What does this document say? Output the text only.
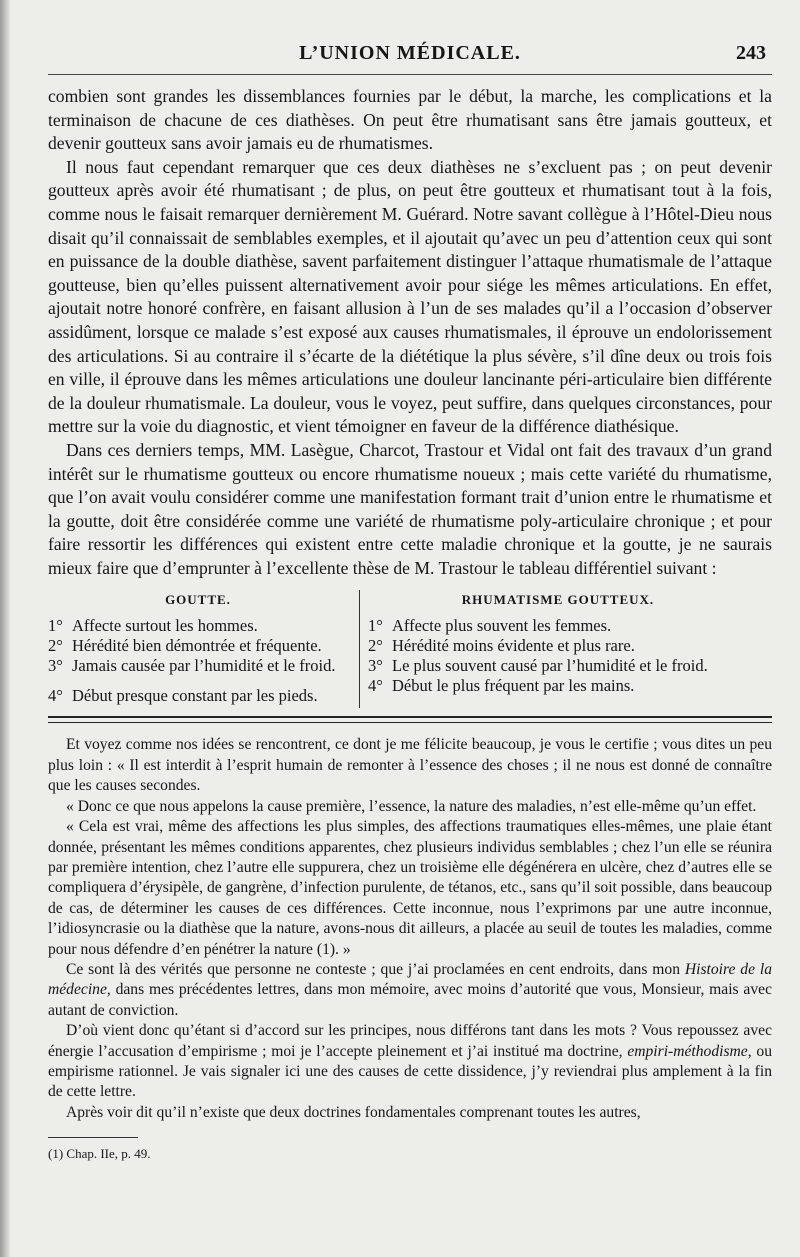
L’UNION MÉDICALE.	243

combien sont grandes les dissemblances fournies par le début, la marche, les complications et la terminaison de chacune de ces diathèses. On peut être rhumatisant sans être jamais goutteux, et devenir goutteux sans avoir jamais eu de rhumatismes.

Il nous faut cependant remarquer que ces deux diathèses ne s’excluent pas ; on peut devenir goutteux après avoir été rhumatisant ; de plus, on peut être goutteux et rhumatisant tout à la fois, comme nous le faisait remarquer dernièrement M. Guérard. Notre savant collègue à l’Hôtel-Dieu nous disait qu’il connaissait de semblables exemples, et il ajoutait qu’avec un peu d’attention ceux qui sont en puissance de la double diathèse, savent parfaitement distinguer l’attaque rhumatismale de l’attaque goutteuse, bien qu’elles puissent alternativement avoir pour siége les mêmes articulations. En effet, ajoutait notre honoré confrère, en faisant allusion à l’un de ses malades qu’il a l’occasion d’observer assidûment, lorsque ce malade s’est exposé aux causes rhumatismales, il éprouve un endolorissement des articulations. Si au contraire il s’écarte de la diététique la plus sévère, s’il dîne deux ou trois fois en ville, il éprouve dans les mêmes articulations une douleur lancinante péri-articulaire bien différente de la douleur rhumatismale. La douleur, vous le voyez, peut suffire, dans quelques circonstances, pour mettre sur la voie du diagnostic, et vient témoigner en faveur de la différence diathésique.

Dans ces derniers temps, MM. Lasègue, Charcot, Trastour et Vidal ont fait des travaux d’un grand intérêt sur le rhumatisme goutteux ou encore rhumatisme noueux ; mais cette variété du rhumatisme, que l’on avait voulu considérer comme une manifestation formant trait d’union entre le rhumatisme et la goutte, doit être considérée comme une variété de rhumatisme poly-articulaire chronique ; et pour faire ressortir les différences qui existent entre cette maladie chronique et la goutte, je ne saurais mieux faire que d’emprunter à l’excellente thèse de M. Trastour le tableau différentiel suivant :

GOUTTE.
1° Affecte surtout les hommes.
2° Hérédité bien démontrée et fréquente.
3° Jamais causée par l’humidité et le froid.
4° Début presque constant par les pieds.
RHUMATISME GOUTTEUX.
1° Affecte plus souvent les femmes.
2° Hérédité moins évidente et plus rare.
3° Le plus souvent causé par l’humidité et le froid.
4° Début le plus fréquent par les mains.

Et voyez comme nos idées se rencontrent, ce dont je me félicite beaucoup, je vous le certifie ; vous dites un peu plus loin : « Il est interdit à l’esprit humain de remonter à l’essence des choses ; il ne nous est donné de connaître que les causes secondes.

« Donc ce que nous appelons la cause première, l’essence, la nature des maladies, n’est elle-même qu’un effet.

« Cela est vrai, même des affections les plus simples, des affections traumatiques elles-mêmes, une plaie étant donnée, présentant les mêmes conditions apparentes, chez plusieurs individus semblables ; chez l’un elle se réunira par première intention, chez l’autre elle suppurera, chez un troisième elle dégénérera en ulcère, chez d’autres elle se compliquera d’érysipèle, de gangrène, d’infection purulente, de tétanos, etc., sans qu’il soit possible, dans beaucoup de cas, de déterminer les causes de ces différences. Cette inconnue, nous l’exprimons par une autre inconnue, l’idiosyncrasie ou la diathèse que la nature, avons-nous dit ailleurs, a placée au seuil de toutes les maladies, comme pour nous défendre d’en pénétrer la nature (1). »

Ce sont là des vérités que personne ne conteste ; que j’ai proclamées en cent endroits, dans mon Histoire de la médecine, dans mes précédentes lettres, dans mon mémoire, avec moins d’autorité que vous, Monsieur, mais avec autant de conviction.

D’où vient donc qu’étant si d’accord sur les principes, nous différons tant dans les mots ? Vous repoussez avec énergie l’accusation d’empirisme ; moi je l’accepte pleinement et j’ai institué ma doctrine, empiri-méthodisme, ou empirisme rationnel. Je vais signaler ici une des causes de cette dissidence, j’y reviendrai plus amplement à la fin de cette lettre.

Après voir dit qu’il n’existe que deux doctrines fondamentales comprenant toutes les autres,

(1) Chap. IIe, p. 49.
